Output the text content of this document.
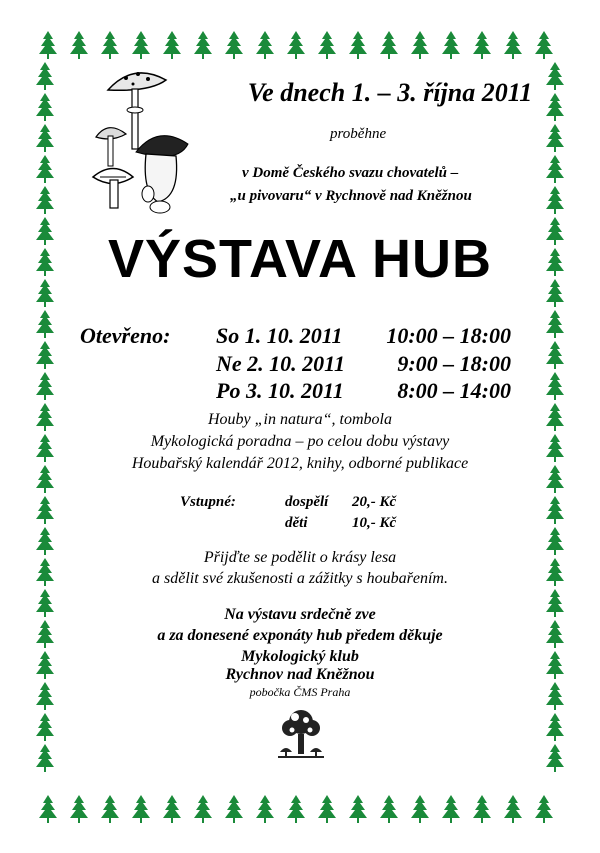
Ve dnech 1. – 3. října 2011
proběhne
v Domě Českého svazu chovatelů –
„u pivovaru“ v Rychnově nad Kněžnou
VÝSTAVA HUB
Otevřeno: So 1. 10. 2011 10:00 – 18:00
Ne 2. 10. 2011 9:00 – 18:00
Po 3. 10. 2011 8:00 – 14:00
Houby „in natura“, tombola
Mykologická poradna – po celou dobu výstavy
Houbařský kalendář 2012, knihy, odborné publikace
Vstupné:	dospělí 20,- Kč
děti	10,- Kč
Přijďte se podělit o krásy lesa
a sdělit své zkušenosti a zážitky s houbařením.
Na výstavu srdečně zve
a za donesené exponáty hub předem děkuje
Mykologický klub
Rychnov nad Kněžnou
pobočka ČMS Praha
